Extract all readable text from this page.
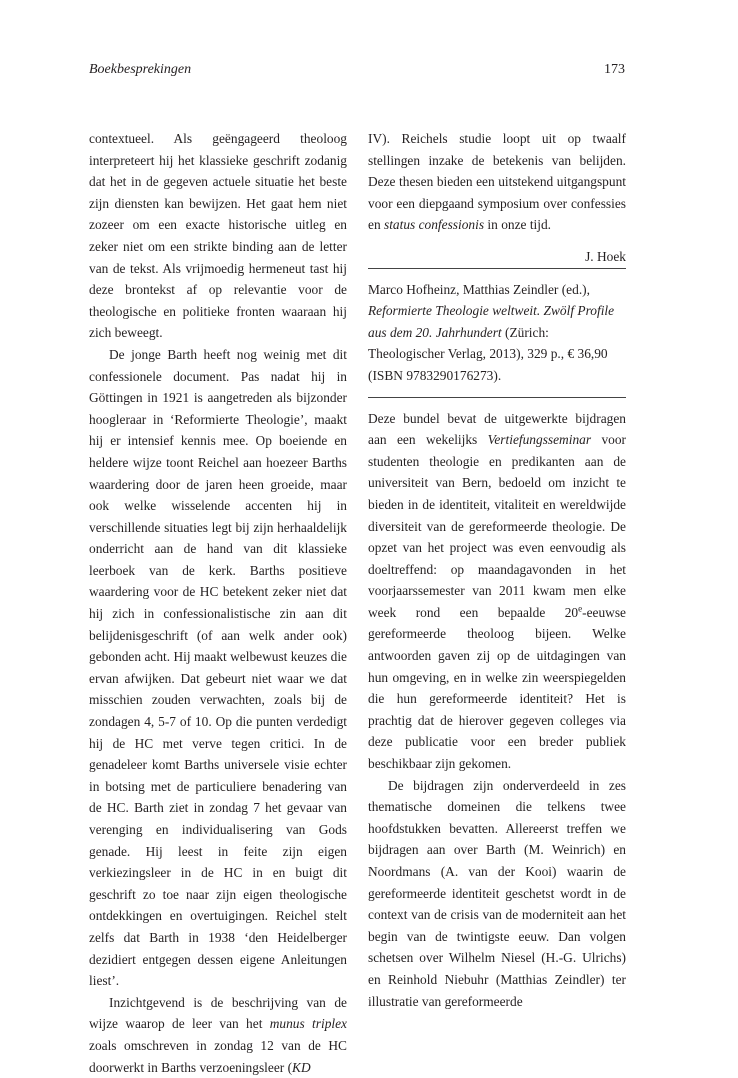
Boekbesprekingen	173

contextueel. Als geëngageerd theoloog interpreteert hij het klassieke geschrift zodanig dat het in de gegeven actuele situatie het beste zijn diensten kan bewijzen. Het gaat hem niet zozeer om een exacte historische uitleg en zeker niet om een strikte binding aan de letter van de tekst. Als vrijmoedig hermeneut tast hij deze brontekst af op relevantie voor de theologische en politieke fronten waaraan hij zich beweegt.

De jonge Barth heeft nog weinig met dit confessionele document. Pas nadat hij in Göttingen in 1921 is aangetreden als bijzonder hoogleraar in ‘Reformierte Theologie’, maakt hij er intensief kennis mee. Op boeiende en heldere wijze toont Reichel aan hoezeer Barths waardering door de jaren heen groeide, maar ook welke wisselende accenten hij in verschillende situaties legt bij zijn herhaaldelijk onderricht aan de hand van dit klassieke leerboek van de kerk. Barths positieve waardering voor de HC betekent zeker niet dat hij zich in confessionalistische zin aan dit belijdenisgeschrift (of aan welk ander ook) gebonden acht. Hij maakt welbewust keuzes die ervan afwijken. Dat gebeurt niet waar we dat misschien zouden verwachten, zoals bij de zondagen 4, 5-7 of 10. Op die punten verdedigt hij de HC met verve tegen critici. In de genadeleer komt Barths universele visie echter in botsing met de particuliere benadering van de HC. Barth ziet in zondag 7 het gevaar van verenging en individualisering van Gods genade. Hij leest in feite zijn eigen verkiezingsleer in de HC in en buigt dit geschrift zo toe naar zijn eigen theologische ontdekkingen en overtuigingen. Reichel stelt zelfs dat Barth in 1938 ‘den Heidelberger dezidiert entgegen dessen eigene Anleitungen liest’.

Inzichtgevend is de beschrijving van de wijze waarop de leer van het munus triplex zoals omschreven in zondag 12 van de HC doorwerkt in Barths verzoeningsleer (KD

IV). Reichels studie loopt uit op twaalf stellingen inzake de betekenis van belijden. Deze thesen bieden een uitstekend uitgangspunt voor een diepgaand symposium over confessies en status confessionis in onze tijd.

J. Hoek
Marco Hofheinz, Matthias Zeindler (ed.), Reformierte Theologie weltweit. Zwölf Profile aus dem 20. Jahrhundert (Zürich: Theologischer Verlag, 2013), 329 p., € 36,90 (ISBN 9783290176273).

Deze bundel bevat de uitgewerkte bijdragen aan een wekelijks Vertiefungsseminar voor studenten theologie en predikanten aan de universiteit van Bern, bedoeld om inzicht te bieden in de identiteit, vitaliteit en wereldwijde diversiteit van de gereformeerde theologie. De opzet van het project was even eenvoudig als doeltreffend: op maandagavonden in het voorjaarssemester van 2011 kwam men elke week rond een bepaalde 20e-eeuwse gereformeerde theoloog bijeen. Welke antwoorden gaven zij op de uitdagingen van hun omgeving, en in welke zin weerspiegelden die hun gereformeerde identiteit? Het is prachtig dat de hierover gegeven colleges via deze publicatie voor een breder publiek beschikbaar zijn gekomen.

De bijdragen zijn onderverdeeld in zes thematische domeinen die telkens twee hoofdstukken bevatten. Allereerst treffen we bijdragen aan over Barth (M. Weinrich) en Noordmans (A. van der Kooi) waarin de gereformeerde identiteit geschetst wordt in de context van de crisis van de moderniteit aan het begin van de twintigste eeuw. Dan volgen schetsen over Wilhelm Niesel (H.-G. Ulrichs) en Reinhold Niebuhr (Matthias Zeindler) ter illustratie van gereformeerde
